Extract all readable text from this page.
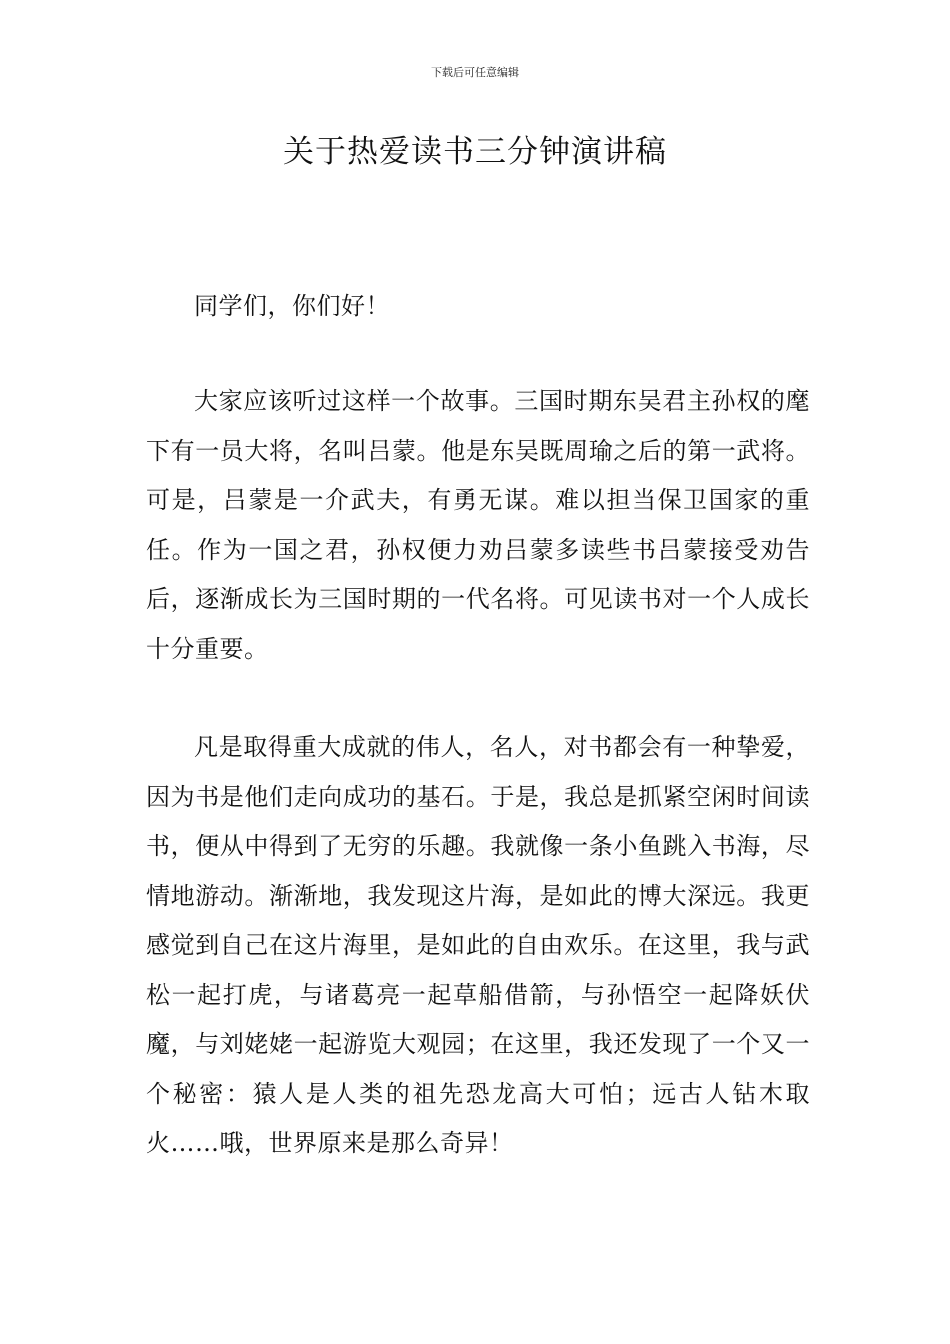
下载后可任意编辑
关于热爱读书三分钟演讲稿

同学们，你们好！

大家应该听过这样一个故事。三国时期东吴君主孙权的麾下有一员大将，名叫吕蒙。他是东吴既周瑜之后的第一武将。可是，吕蒙是一介武夫，有勇无谋。难以担当保卫国家的重任。作为一国之君，孙权便力劝吕蒙多读些书吕蒙接受劝告后，逐渐成长为三国时期的一代名将。可见读书对一个人成长十分重要。

凡是取得重大成就的伟人，名人，对书都会有一种挚爱，因为书是他们走向成功的基石。于是，我总是抓紧空闲时间读书，便从中得到了无穷的乐趣。我就像一条小鱼跳入书海，尽情地游动。渐渐地，我发现这片海，是如此的博大深远。我更感觉到自己在这片海里，是如此的自由欢乐。在这里，我与武松一起打虎，与诸葛亮一起草船借箭，与孙悟空一起降妖伏魔，与刘姥姥一起游览大观园；在这里，我还发现了一个又一个秘密：猿人是人类的祖先恐龙高大可怕；远古人钻木取火……哦，世界原来是那么奇异！
